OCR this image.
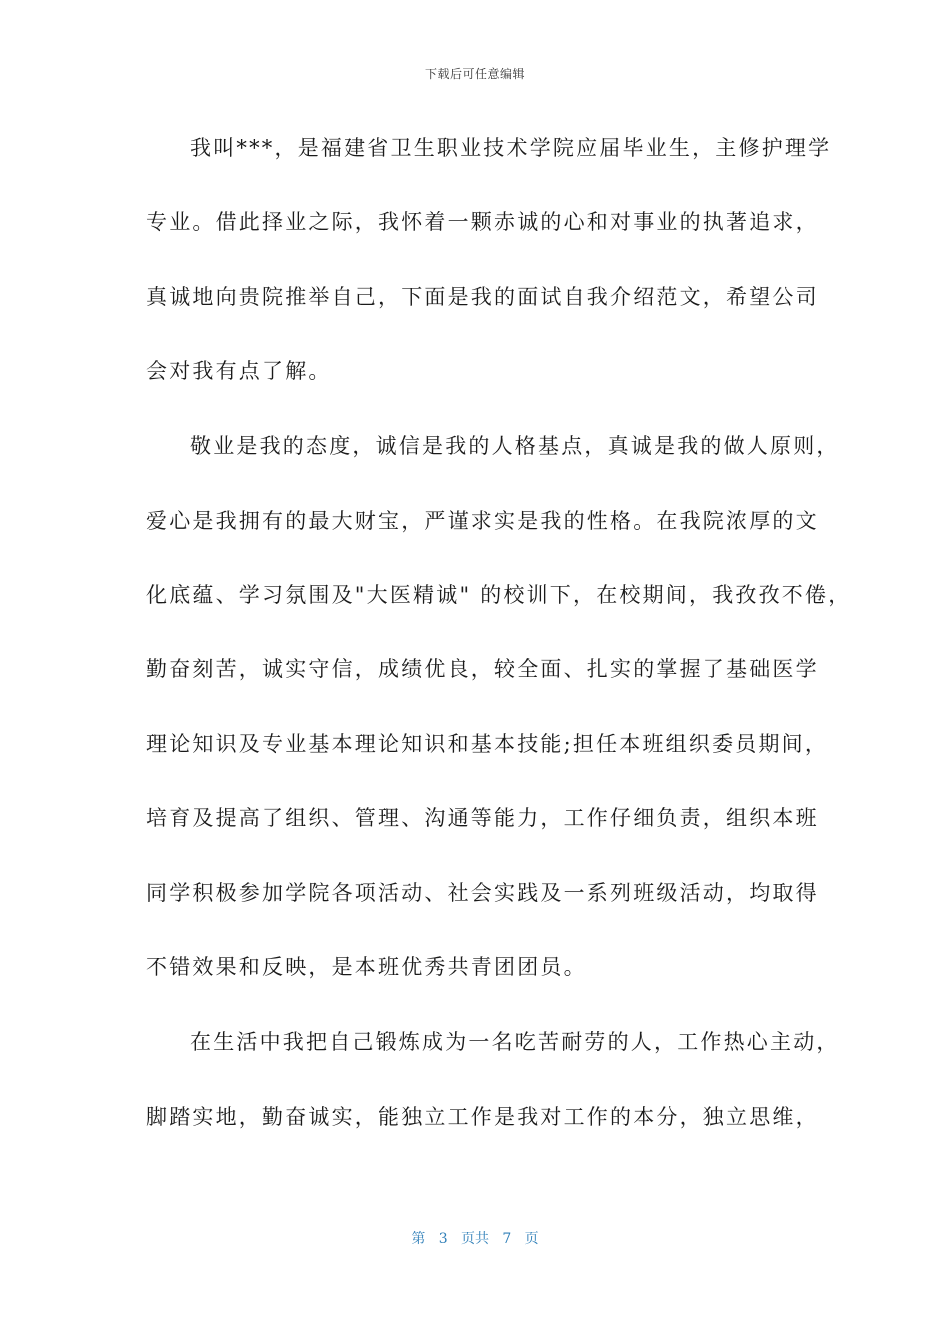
下载后可任意编辑
我叫***，是福建省卫生职业技术学院应届毕业生，主修护理学
专业。借此择业之际，我怀着一颗赤诚的心和对事业的执著追求，
真诚地向贵院推举自己，下面是我的面试自我介绍范文，希望公司
会对我有点了解。
敬业是我的态度，诚信是我的人格基点，真诚是我的做人原则，
爱心是我拥有的最大财宝，严谨求实是我的性格。在我院浓厚的文
化底蕴、学习氛围及"大医精诚" 的校训下，在校期间，我孜孜不倦，
勤奋刻苦，诚实守信，成绩优良，较全面、扎实的掌握了基础医学
理论知识及专业基本理论知识和基本技能;担任本班组织委员期间，
培育及提高了组织、管理、沟通等能力，工作仔细负责，组织本班
同学积极参加学院各项活动、社会实践及一系列班级活动，均取得
不错效果和反映，是本班优秀共青团团员。
在生活中我把自己锻炼成为一名吃苦耐劳的人，工作热心主动，
脚踏实地，勤奋诚实，能独立工作是我对工作的本分，独立思维，
第 3 页共 7 页
